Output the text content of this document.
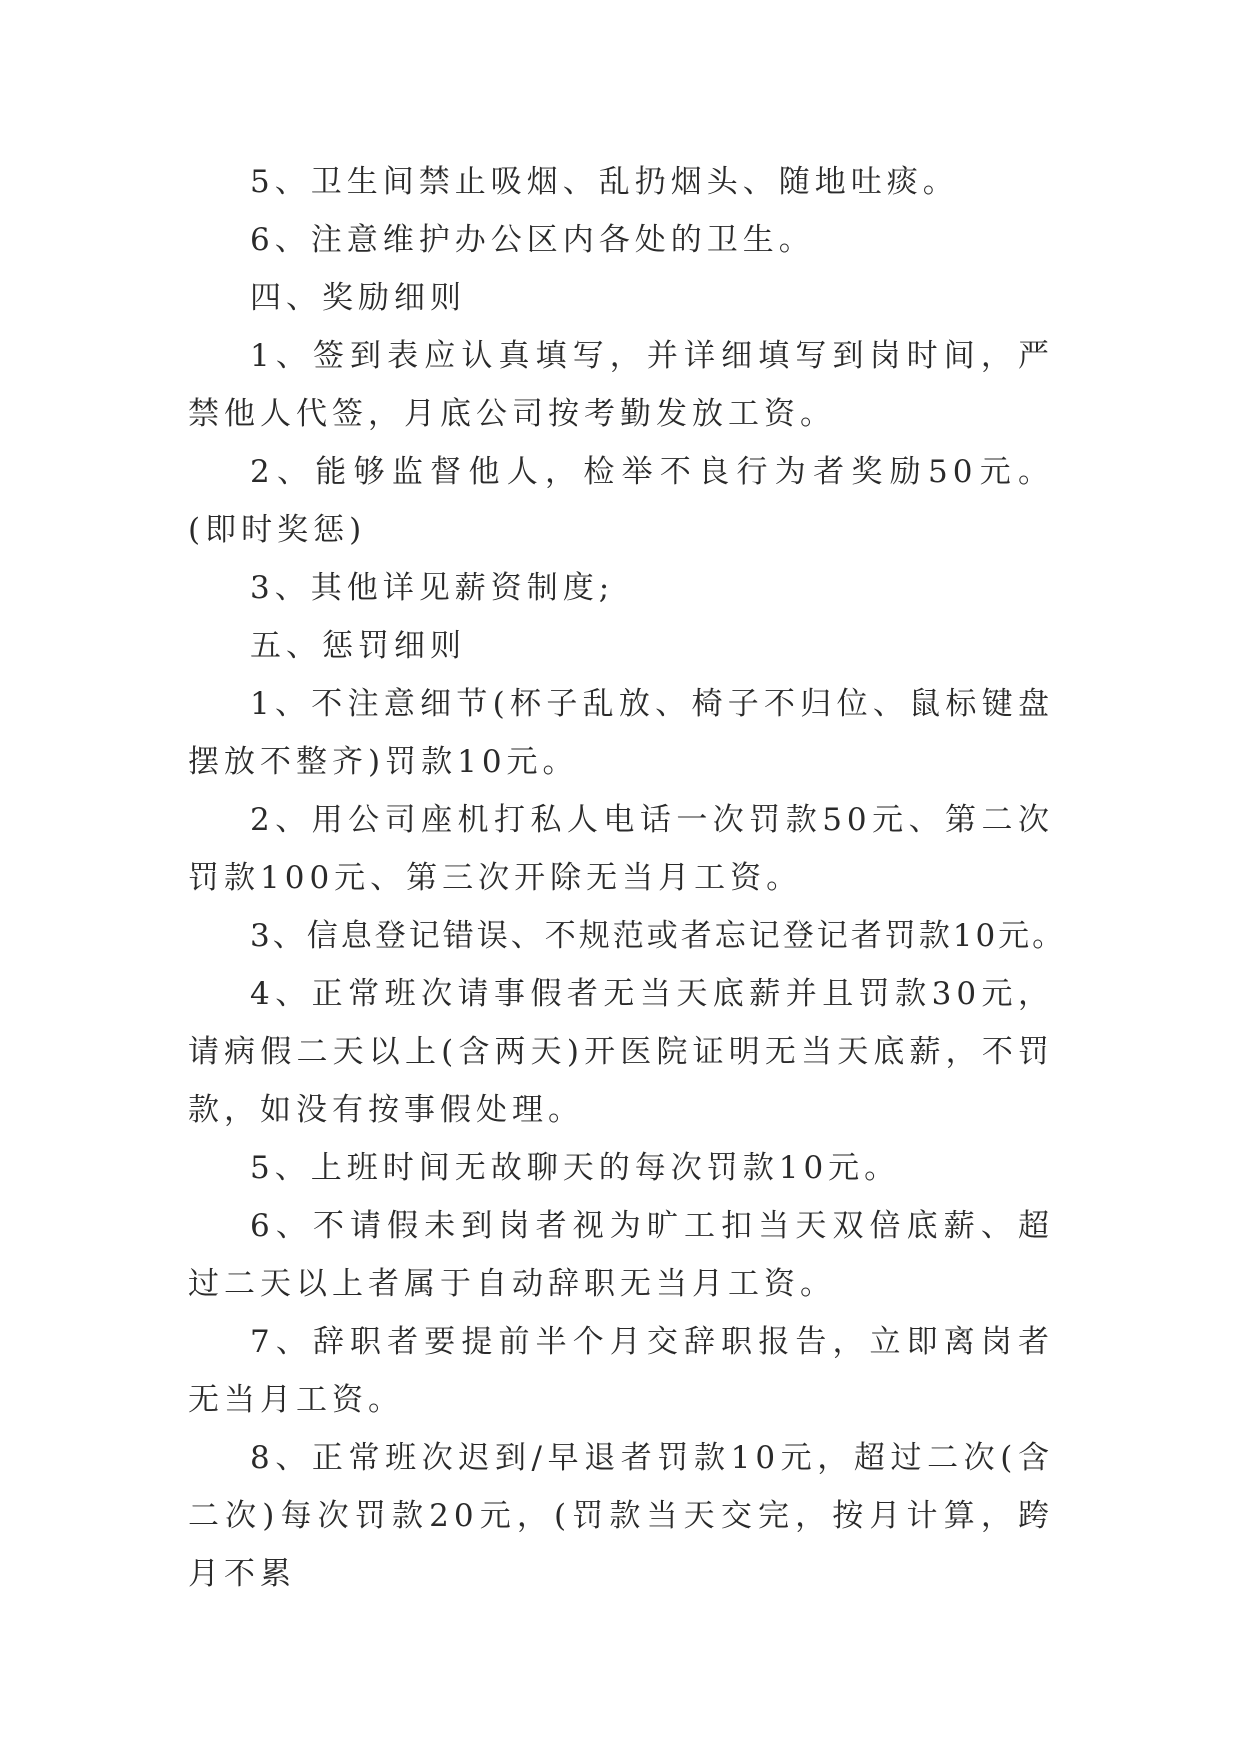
5、卫生间禁止吸烟、乱扔烟头、随地吐痰。

6、注意维护办公区内各处的卫生。

四、奖励细则

1、签到表应认真填写，并详细填写到岗时间，严禁他人代签，月底公司按考勤发放工资。

2、能够监督他人，检举不良行为者奖励50元。(即时奖惩)

3、其他详见薪资制度;

五、惩罚细则

1、不注意细节(杯子乱放、椅子不归位、鼠标键盘摆放不整齐)罚款10元。

2、用公司座机打私人电话一次罚款50元、第二次罚款100元、第三次开除无当月工资。

3、信息登记错误、不规范或者忘记登记者罚款10元。

4、正常班次请事假者无当天底薪并且罚款30元，请病假二天以上(含两天)开医院证明无当天底薪，不罚款，如没有按事假处理。

5、上班时间无故聊天的每次罚款10元。

6、不请假未到岗者视为旷工扣当天双倍底薪、超过二天以上者属于自动辞职无当月工资。

7、辞职者要提前半个月交辞职报告，立即离岗者无当月工资。

8、正常班次迟到/早退者罚款10元，超过二次(含二次)每次罚款20元，(罚款当天交完，按月计算，跨月不累
